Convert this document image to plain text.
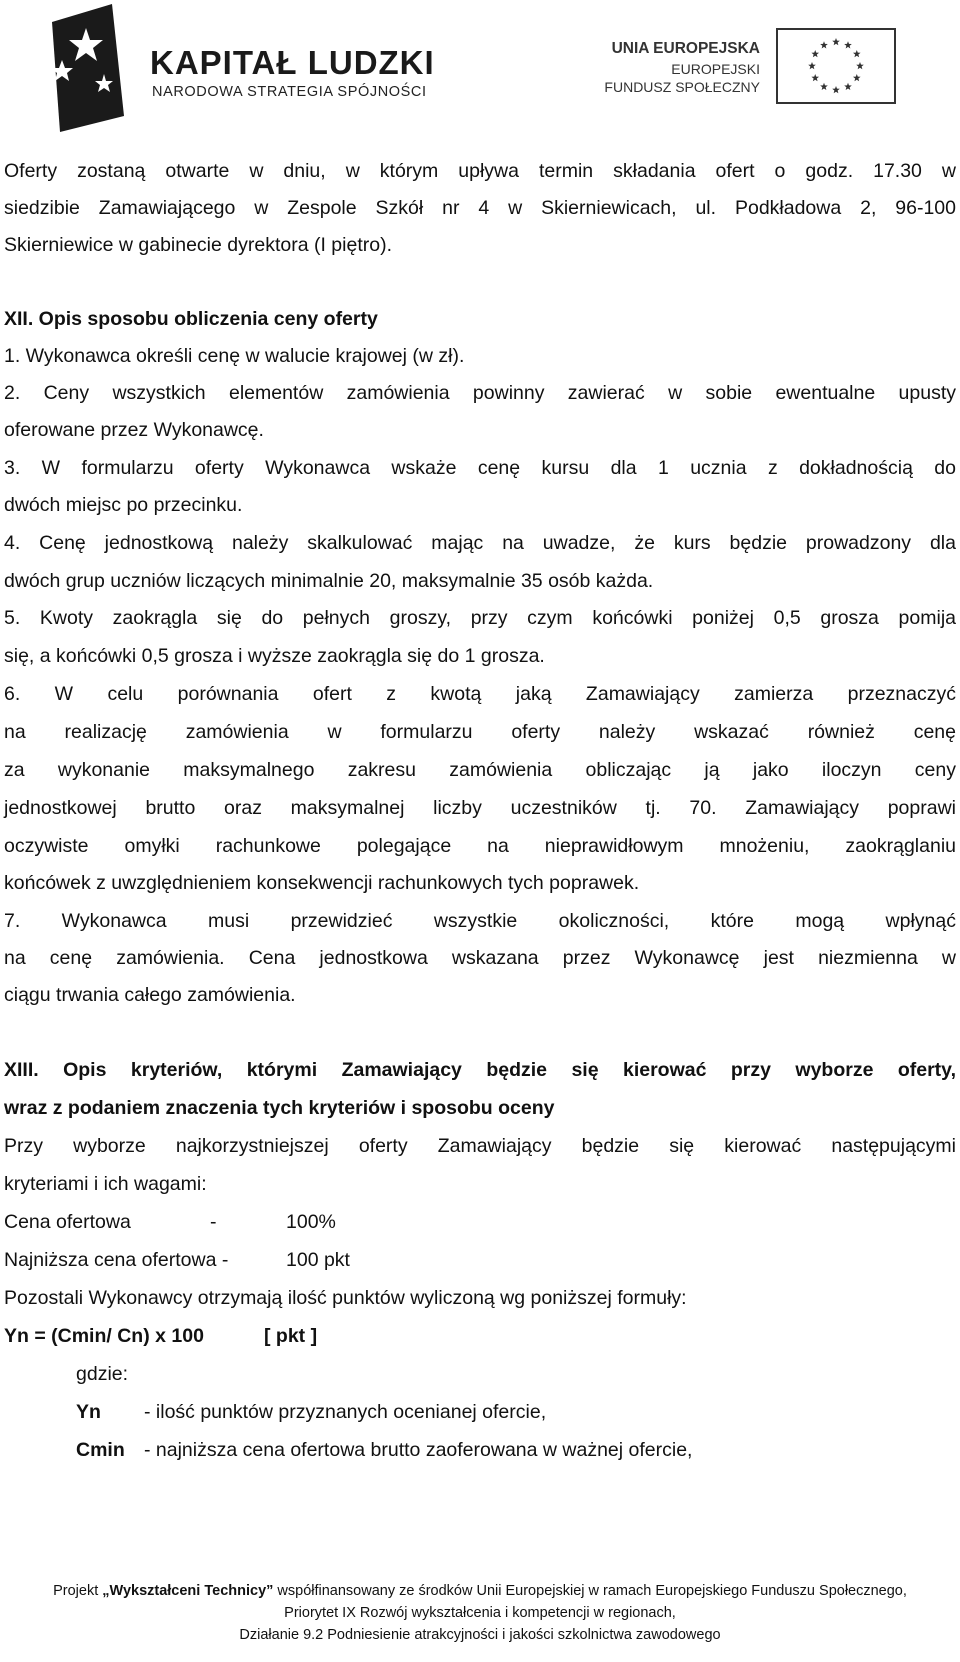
KAPITAŁ LUDZKI
NARODOWA STRATEGIA SPÓJNOŚCI
UNIA EUROPEJSKA
EUROPEJSKI
FUNDUSZ SPOŁECZNY
Oferty zostaną otwarte w dniu, w którym upływa termin składania ofert o godz. 17.30 w
siedzibie Zamawiającego w Zespole Szkół nr 4 w Skierniewicach, ul. Podkładowa 2, 96-100
Skierniewice w gabinecie dyrektora (I piętro).
XII. Opis sposobu obliczenia ceny oferty
1. Wykonawca określi cenę w walucie krajowej (w zł).
2. Ceny wszystkich elementów zamówienia powinny zawierać w sobie ewentualne upusty
oferowane przez Wykonawcę.
3. W formularzu oferty Wykonawca wskaże cenę kursu dla 1 ucznia z dokładnością do
dwóch miejsc po przecinku.
4. Cenę jednostkową należy skalkulować mając na uwadze, że kurs będzie prowadzony dla
dwóch grup uczniów liczących minimalnie 20, maksymalnie 35 osób każda.
5. Kwoty zaokrągla się do pełnych groszy, przy czym końcówki poniżej 0,5 grosza pomija
się, a końcówki 0,5 grosza i wyższe zaokrągla się do 1 grosza.
6. W celu porównania ofert z kwotą jaką Zamawiający zamierza przeznaczyć
na realizację zamówienia w formularzu oferty należy wskazać również cenę
za wykonanie maksymalnego zakresu zamówienia obliczając ją jako iloczyn ceny
jednostkowej brutto oraz maksymalnej liczby uczestników tj. 70. Zamawiający poprawi
oczywiste omyłki rachunkowe polegające na nieprawidłowym mnożeniu, zaokrąglaniu
końcówek z uwzględnieniem konsekwencji rachunkowych tych poprawek.
7. Wykonawca musi przewidzieć wszystkie okoliczności, które mogą wpłynąć
na cenę zamówienia. Cena jednostkowa wskazana przez Wykonawcę jest niezmienna w
ciągu trwania całego zamówienia.
XIII. Opis kryteriów, którymi Zamawiający będzie się kierować przy wyborze oferty,
wraz z podaniem znaczenia tych kryteriów i sposobu oceny
Przy wyborze najkorzystniejszej oferty Zamawiający będzie się kierować następującymi
kryteriami i ich wagami:
Cena ofertowa	-	100%
Najniższa cena ofertowa -	100 pkt
Pozostali Wykonawcy otrzymają ilość punktów wyliczoną wg poniższej formuły:
Yn = (Cmin/ Cn) x 100	[ pkt ]
gdzie:
Yn - ilość punktów przyznanych ocenianej ofercie,
Cmin - najniższa cena ofertowa brutto zaoferowana w ważnej ofercie,
Projekt „Wykształceni Technicy” współfinansowany ze środków Unii Europejskiej w ramach Europejskiego Funduszu Społecznego,
Priorytet IX Rozwój wykształcenia i kompetencji w regionach,
Działanie 9.2 Podniesienie atrakcyjności i jakości szkolnictwa zawodowego
